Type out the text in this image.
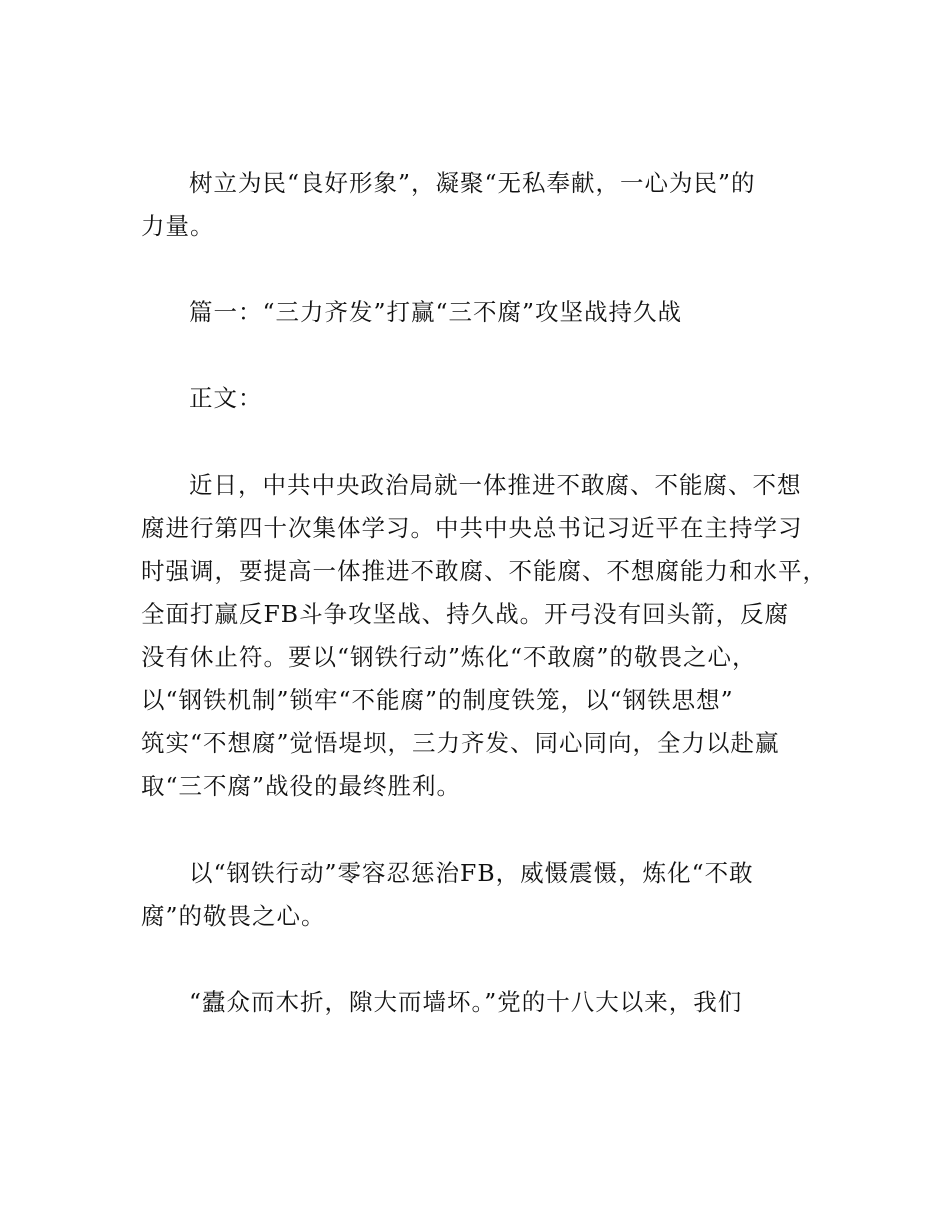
树立为民“良好形象”，凝聚“无私奉献，一心为民”的
力量。
篇一：“三力齐发”打赢“三不腐”攻坚战持久战
正文：
近日，中共中央政治局就一体推进不敢腐、不能腐、不想
腐进行第四十次集体学习。中共中央总书记习近平在主持学习
时强调，要提高一体推进不敢腐、不能腐、不想腐能力和水平，
全面打赢反FB斗争攻坚战、持久战。开弓没有回头箭，反腐
没有休止符。要以“钢铁行动”炼化“不敢腐”的敬畏之心，
以“钢铁机制”锁牢“不能腐”的制度铁笼，以“钢铁思想”
筑实“不想腐”觉悟堤坝，三力齐发、同心同向，全力以赴赢
取“三不腐”战役的最终胜利。
以“钢铁行动”零容忍惩治FB，威慑震慑，炼化“不敢
腐”的敬畏之心。
“蠹众而木折，隙大而墙坏。”党的十八大以来，我们
